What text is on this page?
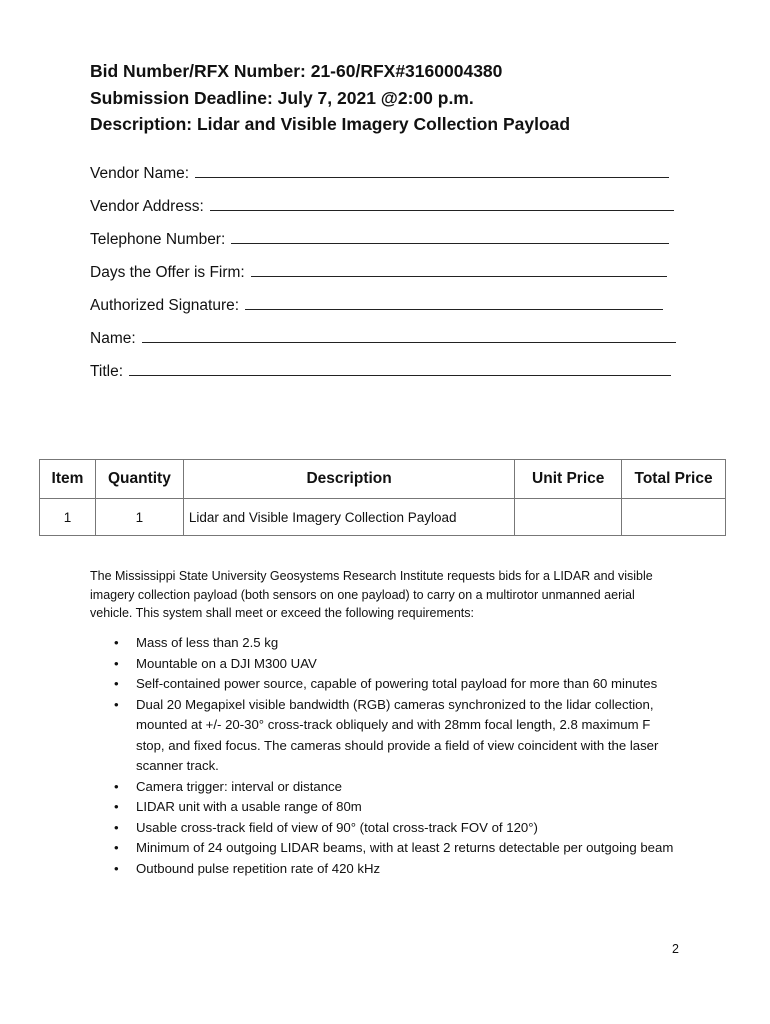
Bid Number/RFX Number: 21-60/RFX#3160004380
Submission Deadline: July 7, 2021 @2:00 p.m.
Description: Lidar and Visible Imagery Collection Payload
Vendor Name:
Vendor Address:
Telephone Number:
Days the Offer is Firm:
Authorized Signature:
Name:
Title:
Item	Quantity	Description	Unit Price	Total Price
1	1	Lidar and Visible Imagery Collection Payload		
The Mississippi State University Geosystems Research Institute requests bids for a LIDAR and visible imagery collection payload (both sensors on one payload) to carry on a multirotor unmanned aerial vehicle. This system shall meet or exceed the following requirements:
• Mass of less than 2.5 kg
• Mountable on a DJI M300 UAV
• Self-contained power source, capable of powering total payload for more than 60 minutes
• Dual 20 Megapixel visible bandwidth (RGB) cameras synchronized to the lidar collection, mounted at +/- 20-30° cross-track obliquely and with 28mm focal length, 2.8 maximum F stop, and fixed focus. The cameras should provide a field of view coincident with the laser scanner track.
• Camera trigger: interval or distance
• LIDAR unit with a usable range of 80m
• Usable cross-track field of view of 90° (total cross-track FOV of 120°)
• Minimum of 24 outgoing LIDAR beams, with at least 2 returns detectable per outgoing beam
• Outbound pulse repetition rate of 420 kHz
2
